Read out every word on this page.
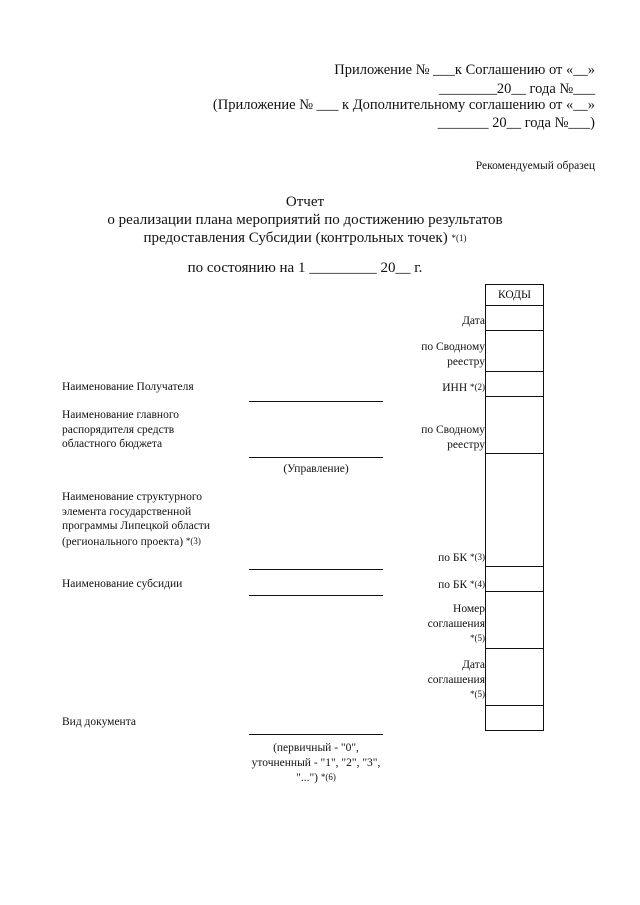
Приложение № ___к Соглашению от «__»
________20__ года №___
(Приложение № ___ к Дополнительному соглашению от «__»
_______ 20__ года №___)
Рекомендуемый образец
Отчет
о реализации плана мероприятий по достижению результатов
предоставления Субсидии (контрольных точек) *(1)
по состоянию на 1 _________ 20__ г.
КОДЫ
Дата
по Сводному реестру
ИНН *(2)
по Сводному реестру
по БК *(3)
по БК *(4)
Номер соглашения
*(5)
Дата соглашения
*(5)
Наименование Получателя
Наименование главного распорядителя средств областного бюджета
(Управление)
Наименование структурного элемента государственной программы Липецкой области (регионального проекта) *(3)
Наименование субсидии
Вид документа
(первичный - "0", уточненный - "1", "2", "3", "...") *(6)
